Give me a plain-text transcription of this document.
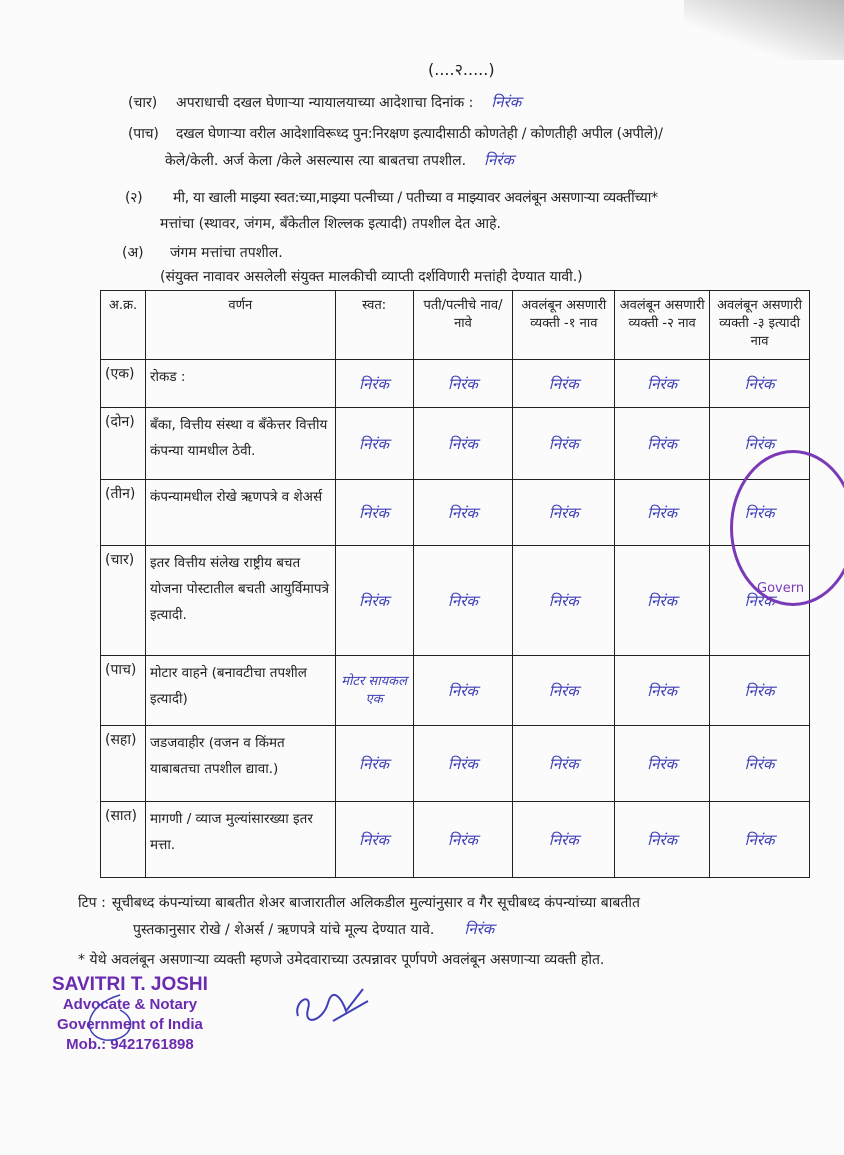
(....२.....)
(चार)	अपराधाची दखल घेणाऱ्या न्यायालयाच्या आदेशाचा दिनांक : निरंक
(पाच)	दखल घेणाऱ्या वरील आदेशाविरूध्द पुन:निरक्षण इत्यादीसाठी कोणतेही / कोणतीही अपील (अपीले)/
केले/केली. अर्ज केला /केले असल्यास त्या बाबतचा तपशील. निरंक
(२)	मी, या खाली माझ्या स्वत:च्या,माझ्या पत्नीच्या / पतीच्या व माझ्यावर अवलंबून असणाऱ्या व्यक्तींच्या*
मत्तांचा (स्थावर, जंगम, बँकेतील शिल्लक इत्यादी) तपशील देत आहे.
(अ)	जंगम मत्तांचा तपशील.
(संयुक्त नावावर असलेली संयुक्त मालकीची व्याप्ती दर्शविणारी मत्तांही देण्यात यावी.)
अ.क्र.	वर्णन	स्वत:	पती/पत्नीचे नाव/ नावे	अवलंबून असणारी व्यक्ती -१ नाव	अवलंबून असणारी व्यक्ती -२ नाव	अवलंबून असणारी व्यक्ती -३ इत्यादी नाव
(एक)	रोकड :	निरंक	निरंक	निरंक	निरंक	निरंक
(दोन)	बँका, वित्तीय संस्था व बँकेत्तर वित्तीय कंपन्या यामधील ठेवी.	निरंक	निरंक	निरंक	निरंक	निरंक
(तीन)	कंपन्यामधील रोखे ऋणपत्रे व शेअर्स	निरंक	निरंक	निरंक	निरंक	निरंक
(चार)	इतर वित्तीय संलेख राष्ट्रीय बचत योजना पोस्टातील बचती आयुर्विमापत्रे इत्यादी.	निरंक	निरंक	निरंक	निरंक	निरंक
(पाच)	मोटार वाहने (बनावटीचा तपशील इत्यादी)	मोटर सायकल एक	निरंक	निरंक	निरंक	निरंक
(सहा)	जडजवाहीर (वजन व किंमत याबाबतचा तपशील द्यावा.)	निरंक	निरंक	निरंक	निरंक	निरंक
(सात)	मागणी / व्याज मुल्यांसारख्या इतर मत्ता.	निरंक	निरंक	निरंक	निरंक	निरंक
टिप : सूचीबध्द कंपन्यांच्या बाबतीत शेअर बाजारातील अलिकडील मुल्यांनुसार व गैर सूचीबध्द कंपन्यांच्या बाबतीत
पुस्तकानुसार रोखे / शेअर्स / ऋणपत्रे यांचे मूल्य देण्यात यावे. निरंक
* येथे अवलंबून असणाऱ्या व्यक्ती म्हणजे उमेदवाराच्या उत्पन्नावर पूर्णपणे अवलंबून असणाऱ्या व्यक्ती होत.
SAVITRI T. JOSHI
Advocate & Notary
Government of India
Mob.: 9421761898
Govern
